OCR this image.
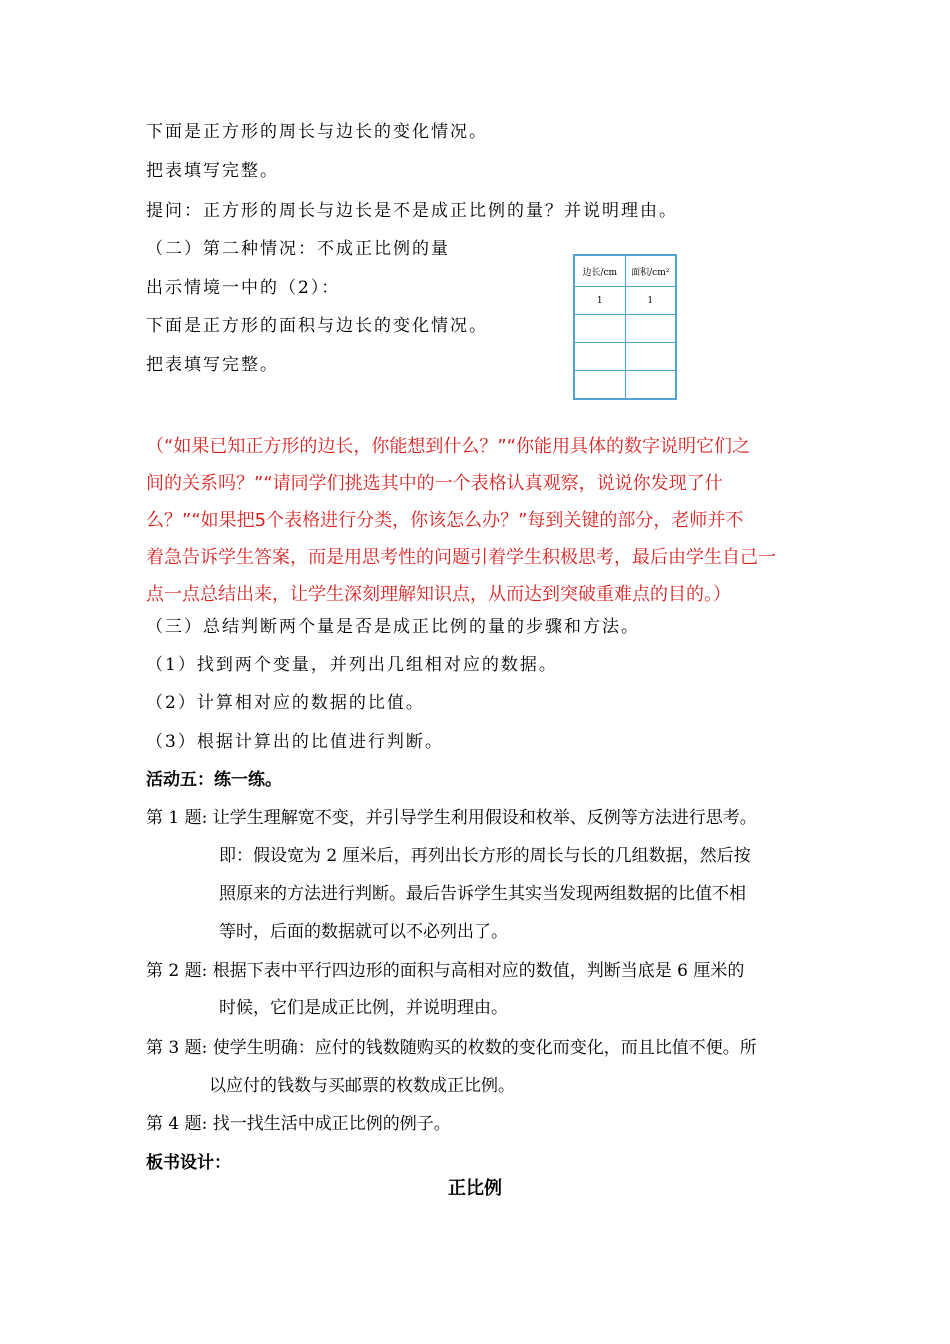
下面是正方形的周长与边长的变化情况。
把表填写完整。
提问：正方形的周长与边长是不是成正比例的量？并说明理由。
（二）第二种情况：不成正比例的量
出示情境一中的（2）：
下面是正方形的面积与边长的变化情况。
把表填写完整。
边长/cm	面积/cm²
1	1

（“如果已知正方形的边长，你能想到什么？”“你能用具体的数字说明它们之
间的关系吗？”“请同学们挑选其中的一个表格认真观察，说说你发现了什
么？”“如果把5个表格进行分类，你该怎么办？”每到关键的部分，老师并不
着急告诉学生答案，而是用思考性的问题引着学生积极思考，最后由学生自己一
点一点总结出来，让学生深刻理解知识点，从而达到突破重难点的目的。）
（三）总结判断两个量是否是成正比例的量的步骤和方法。
（1）找到两个变量，并列出几组相对应的数据。
（2）计算相对应的数据的比值。
（3）根据计算出的比值进行判断。
活动五：练一练。
第 1 题: 让学生理解宽不变，并引导学生利用假设和枚举、反例等方法进行思考。
即：假设宽为 2 厘米后，再列出长方形的周长与长的几组数据，然后按
照原来的方法进行判断。最后告诉学生其实当发现两组数据的比值不相
等时，后面的数据就可以不必列出了。
第 2 题: 根据下表中平行四边形的面积与高相对应的数值，判断当底是 6 厘米的
时候，它们是成正比例，并说明理由。
第 3 题: 使学生明确：应付的钱数随购买的枚数的变化而变化，而且比值不便。所
以应付的钱数与买邮票的枚数成正比例。
第 4 题: 找一找生活中成正比例的例子。
板书设计：
正比例
